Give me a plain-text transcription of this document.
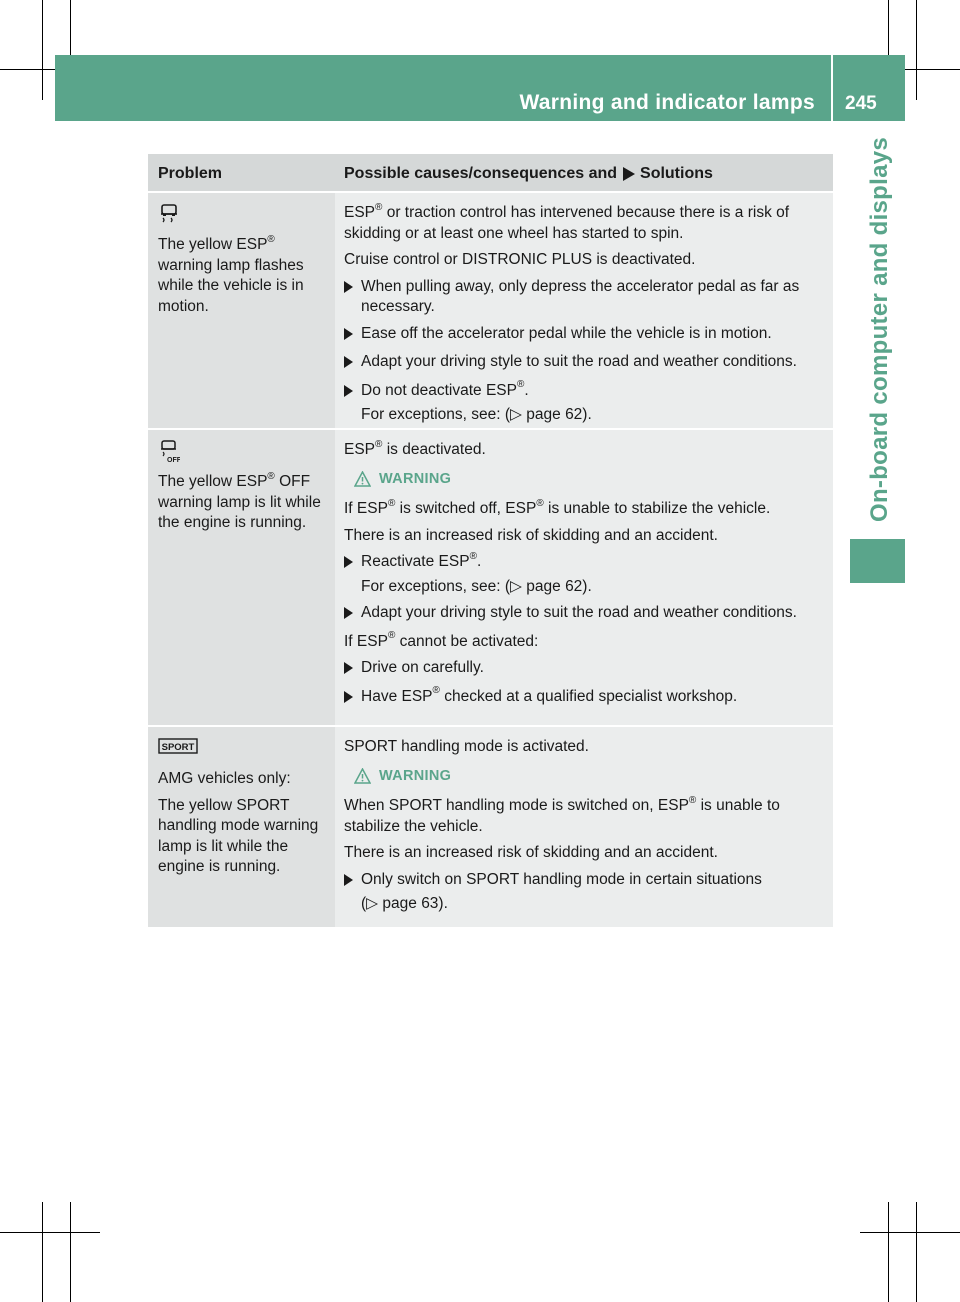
Warning and indicator lamps 245
On-board computer and displays
Problem	Possible causes/consequences and Solutions

The yellow ESP®
warning lamp flashes while the vehicle is in motion.

ESP® or traction control has intervened because there is a risk of skidding or at least one wheel has started to spin.

Cruise control or DISTRONIC PLUS is deactivated.

When pulling away, only depress the accelerator pedal as far as necessary.
Ease off the accelerator pedal while the vehicle is in motion.
Adapt your driving style to suit the road and weather conditions.
Do not deactivate ESP®.

For exceptions, see: (▷ page 62).

OFF

The yellow ESP® OFF warning lamp is lit while the engine is running.

ESP® is deactivated.

WARNING

If ESP® is switched off, ESP® is unable to stabilize the vehicle.

There is an increased risk of skidding and an accident.

Reactivate ESP®.

For exceptions, see: (▷ page 62).

Adapt your driving style to suit the road and weather conditions.

If ESP® cannot be activated:

Drive on carefully.
Have ESP® checked at a qualified specialist workshop.
SPORT

AMG vehicles only:

The yellow SPORT handling mode warning lamp is lit while the engine is running.

SPORT handling mode is activated.

WARNING

When SPORT handling mode is switched on, ESP® is unable to stabilize the vehicle.

There is an increased risk of skidding and an accident.

Only switch on SPORT handling mode in certain situations

(▷ page 63).
